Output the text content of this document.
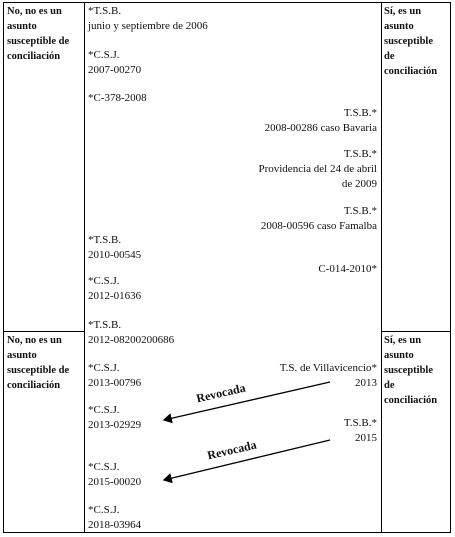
No, no es un
asunto
susceptible de
conciliación
No, no es un
asunto
susceptible de
conciliación
Sí, es un
asunto
susceptible
de
conciliación
Sí, es un
asunto
susceptible
de
conciliación
*T.S.B.
junio y septiembre de 2006
*C.S.J.
2007-00270
*C-378-2008
T.S.B.*
2008-00286 caso Bavaria
T.S.B.*
Providencia del 24 de abril
de 2009
T.S.B.*
2008-00596 caso Famalba
*T.S.B.
2010-00545
C-014-2010*
*C.S.J.
2012-01636
*T.S.B.
2012-08200200686
T.S. de Villavicencio*
2013
*C.S.J.
2013-00796
*C.S.J.
2013-02929	T.S.B.*
2015
*C.S.J.
2015-00020
*C.S.J.
2018-03964
Revocada
Revocada
